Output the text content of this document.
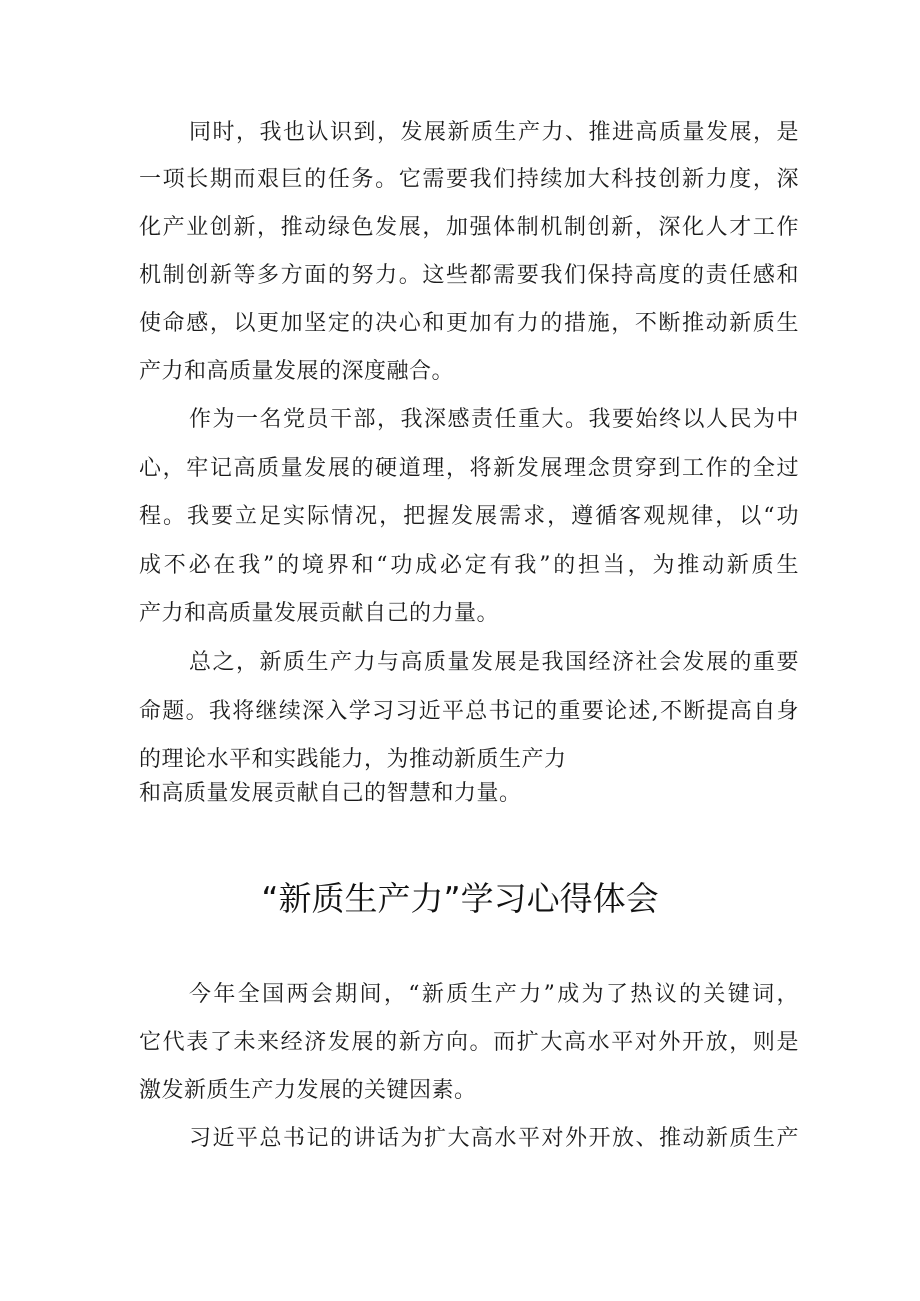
同时，我也认识到，发展新质生产力、推进高质量发展，是
一项长期而艰巨的任务。它需要我们持续加大科技创新力度，深
化产业创新，推动绿色发展，加强体制机制创新，深化人才工作
机制创新等多方面的努力。这些都需要我们保持高度的责任感和
使命感，以更加坚定的决心和更加有力的措施，不断推动新质生
产力和高质量发展的深度融合。
作为一名党员干部，我深感责任重大。我要始终以人民为中
心，牢记高质量发展的硬道理，将新发展理念贯穿到工作的全过
程。我要立足实际情况，把握发展需求，遵循客观规律，以“功
成不必在我”的境界和“功成必定有我”的担当，为推动新质生
产力和高质量发展贡献自己的力量。
总之，新质生产力与高质量发展是我国经济社会发展的重要
命题。我将继续深入学习习近平总书记的重要论述,不断提高自身
的理论水平和实践能力，为推动新质生产力
和高质量发展贡献自己的智慧和力量。
“新质生产力”学习心得体会
今年全国两会期间，“新质生产力”成为了热议的关键词，
它代表了未来经济发展的新方向。而扩大高水平对外开放，则是
激发新质生产力发展的关键因素。
习近平总书记的讲话为扩大高水平对外开放、推动新质生产
